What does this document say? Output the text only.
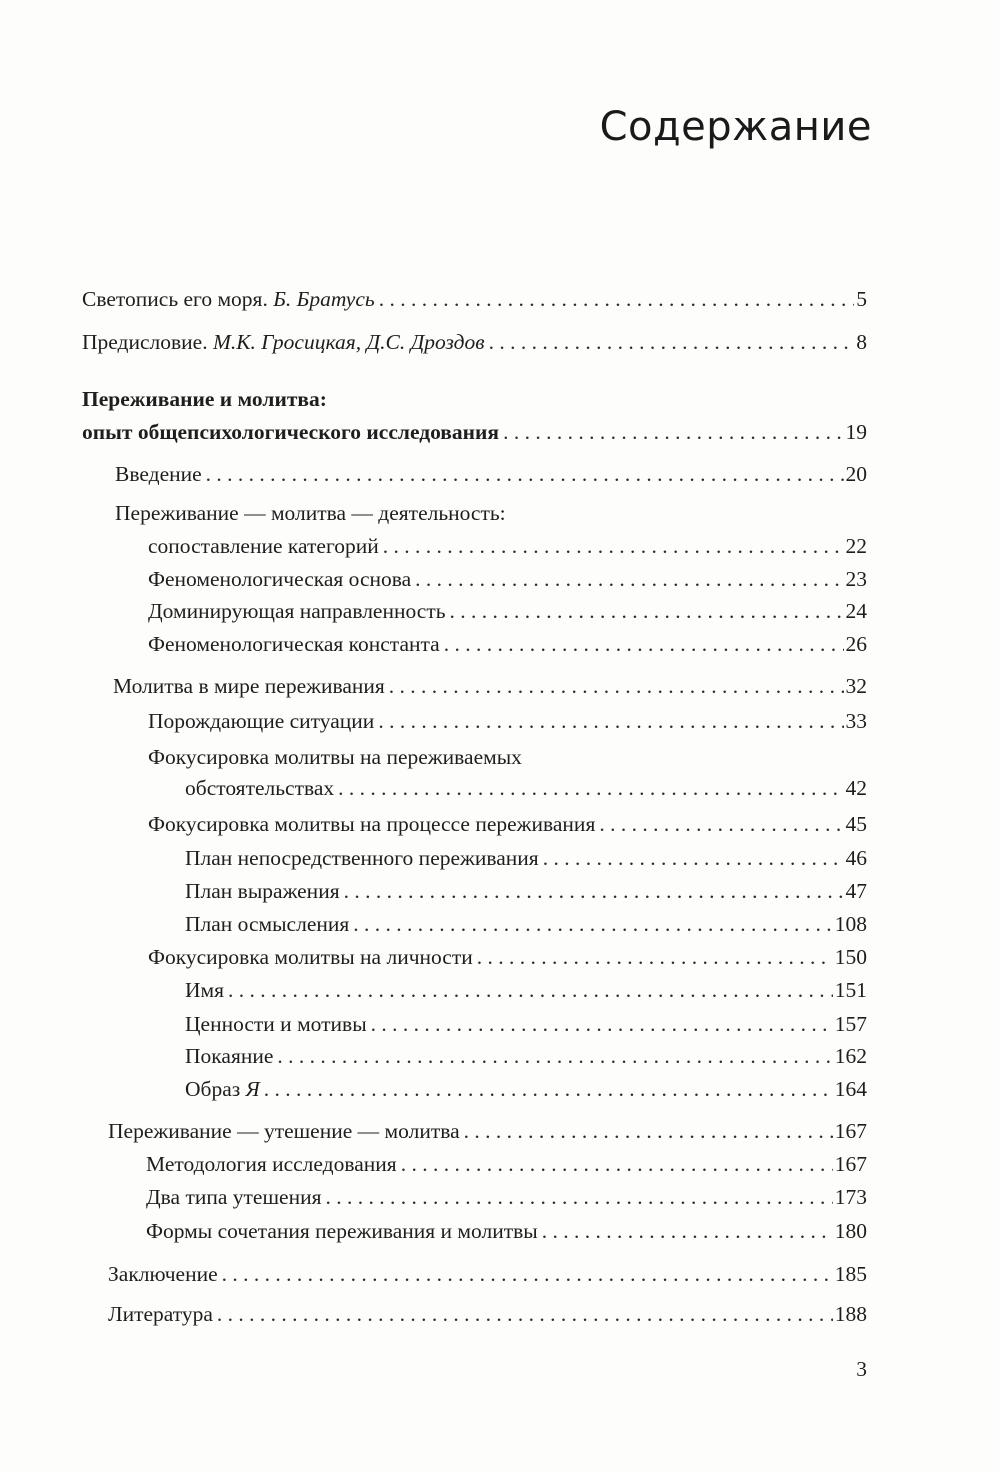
Содержание
Светопись его моря. Б. Братусь . . .	5
Предисловие. М.К. Гросицкая, Д.С. Дроздов . . .	8
Переживание и молитва:
опыт общепсихологического исследования . . .	19
Введение . . .	20
Переживание — молитва — деятельность:
сопоставление категорий . . .	22
Феноменологическая основа . . .	23
Доминирующая направленность . . .	24
Феноменологическая константа . . .	26
Молитва в мире переживания . . .	32
Порождающие ситуации . . .	33
Фокусировка молитвы на переживаемых
обстоятельствах . . .	42
Фокусировка молитвы на процессе переживания . . .	45
План непосредственного переживания . . .	46
План выражения . . .	47
План осмысления . . .	108
Фокусировка молитвы на личности . . .	150
Имя . . .	151
Ценности и мотивы . . .	157
Покаяние . . .	162
Образ Я . . .	164
Переживание — утешение — молитва . . .	167
Методология исследования . . .	167
Два типа утешения . . .	173
Формы сочетания переживания и молитвы . . .	180
Заключение . . .	185
Литература . . .	188
3
